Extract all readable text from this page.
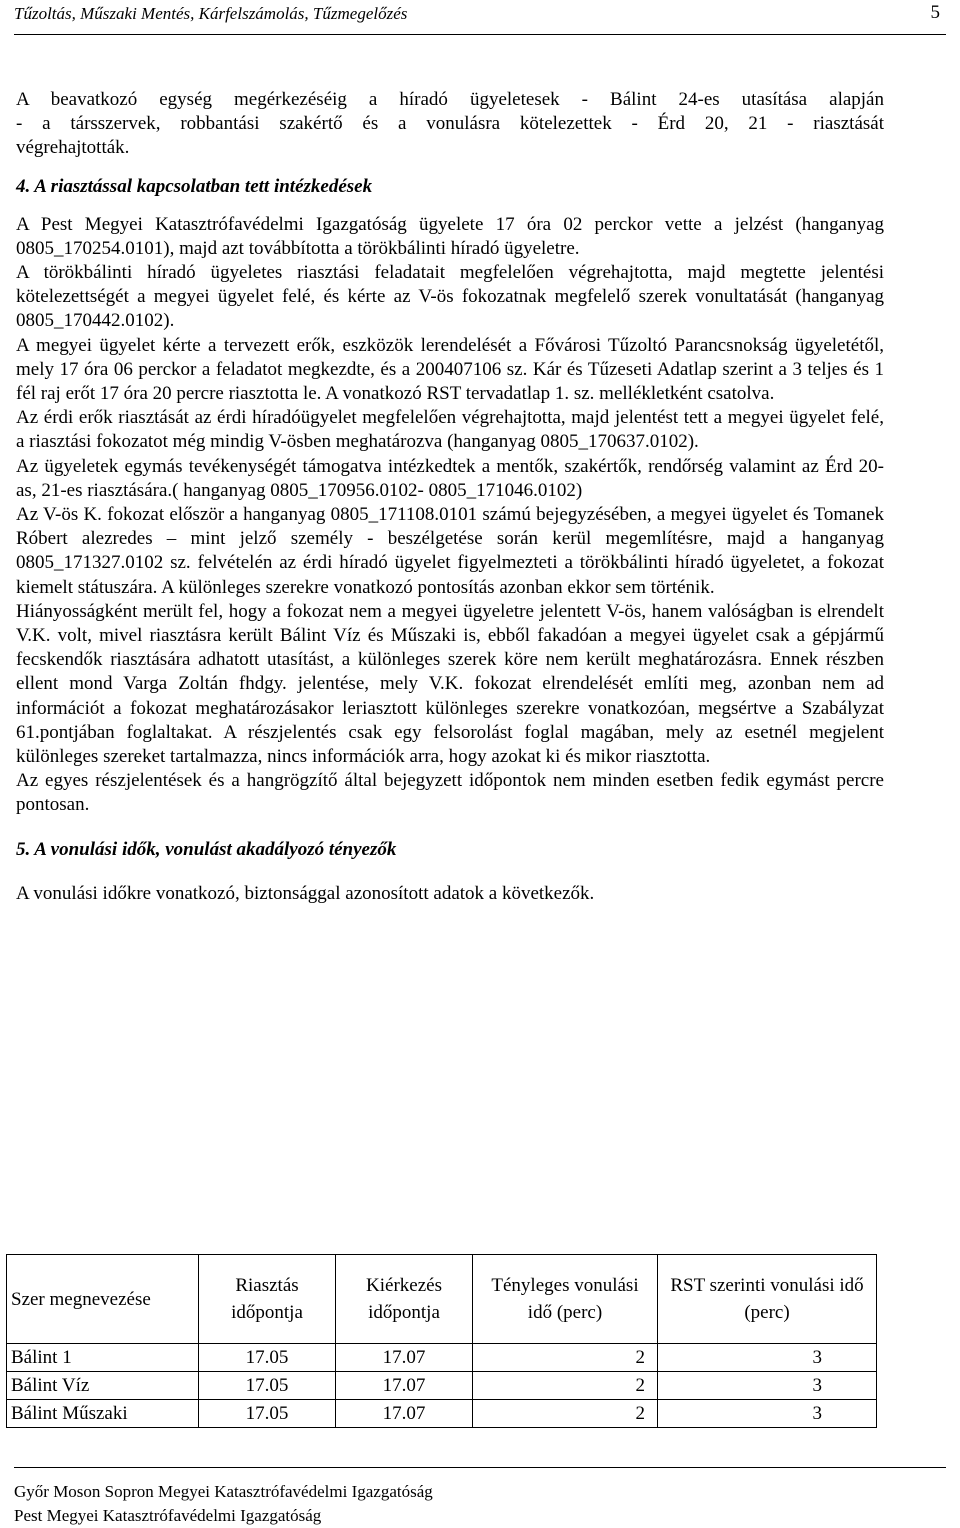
Tűzoltás, Műszaki Mentés, Kárfelszámolás, Tűzmegelőzés	5

A beavatkozó egység megérkezéséig a híradó ügyeletesek - Bálint 24-es utasítása alapján

- a társszervek, robbantási szakértő és a vonulásra kötelezettek - Érd 20, 21 - riasztását

végrehajtották.

4. A riasztással kapcsolatban tett intézkedések

A Pest Megyei Katasztrófavédelmi Igazgatóság ügyelete 17 óra 02 perckor vette a jelzést (hanganyag 0805_170254.0101), majd azt továbbította a törökbálinti híradó ügyeletre.

A törökbálinti híradó ügyeletes riasztási feladatait megfelelően végrehajtotta, majd megtette jelentési kötelezettségét a megyei ügyelet felé, és kérte az V-ös fokozatnak megfelelő szerek vonultatását (hanganyag 0805_170442.0102).

A megyei ügyelet kérte a tervezett erők, eszközök lerendelését a Fővárosi Tűzoltó Parancsnokság ügyeletétől, mely 17 óra 06 perckor a feladatot megkezdte, és a 200407106 sz. Kár és Tűzeseti Adatlap szerint a 3 teljes és 1 fél raj erőt 17 óra 20 percre riasztotta le. A vonatkozó RST tervadatlap 1. sz. mellékletként csatolva.

Az érdi erők riasztását az érdi híradóügyelet megfelelően végrehajtotta, majd jelentést tett a megyei ügyelet felé, a riasztási fokozatot még mindig V-ösben meghatározva (hanganyag 0805_170637.0102).

Az ügyeletek egymás tevékenységét támogatva intézkedtek a mentők, szakértők, rendőrség valamint az Érd 20-as, 21-es riasztására.( hanganyag 0805_170956.0102- 0805_171046.0102)

Az V-ös K. fokozat először a hanganyag 0805_171108.0101 számú bejegyzésében, a megyei ügyelet és Tomanek Róbert alezredes – mint jelző személy - beszélgetése során kerül megemlítésre, majd a hanganyag 0805_171327.0102 sz. felvételén az érdi híradó ügyelet figyelmezteti a törökbálinti híradó ügyeletet, a fokozat kiemelt státuszára. A különleges szerekre vonatkozó pontosítás azonban ekkor sem történik.

Hiányosságként merült fel, hogy a fokozat nem a megyei ügyeletre jelentett V-ös, hanem valóságban is elrendelt V.K. volt, mivel riasztásra került Bálint Víz és Műszaki is, ebből fakadóan a megyei ügyelet csak a gépjármű fecskendők riasztására adhatott utasítást, a különleges szerek köre nem került meghatározásra. Ennek részben ellent mond Varga Zoltán fhdgy. jelentése, mely V.K. fokozat elrendelését említi meg, azonban nem ad információt a fokozat meghatározásakor leriasztott különleges szerekre vonatkozóan, megsértve a Szabályzat 61.pontjában foglaltakat. A részjelentés csak egy felsorolást foglal magában, mely az esetnél megjelent különleges szereket tartalmazza, nincs információk arra, hogy azokat ki és mikor riasztotta.

Az egyes részjelentések és a hangrögzítő által bejegyzett időpontok nem minden esetben fedik egymást percre pontosan.

5. A vonulási idők, vonulást akadályozó tényezők

A vonulási időkre vonatkozó, biztonsággal azonosított adatok a következők.

Szer megnevezése	Riasztás időpontja	Kiérkezés időpontja	Tényleges vonulási idő (perc)	RST szerinti vonulási idő (perc)
Bálint 1	17.05	17.07	2	3
Bálint Víz	17.05	17.07	2	3
Bálint Műszaki	17.05	17.07	2	3
Győr Moson Sopron Megyei Katasztrófavédelmi Igazgatóság
Pest Megyei Katasztrófavédelmi Igazgatóság
